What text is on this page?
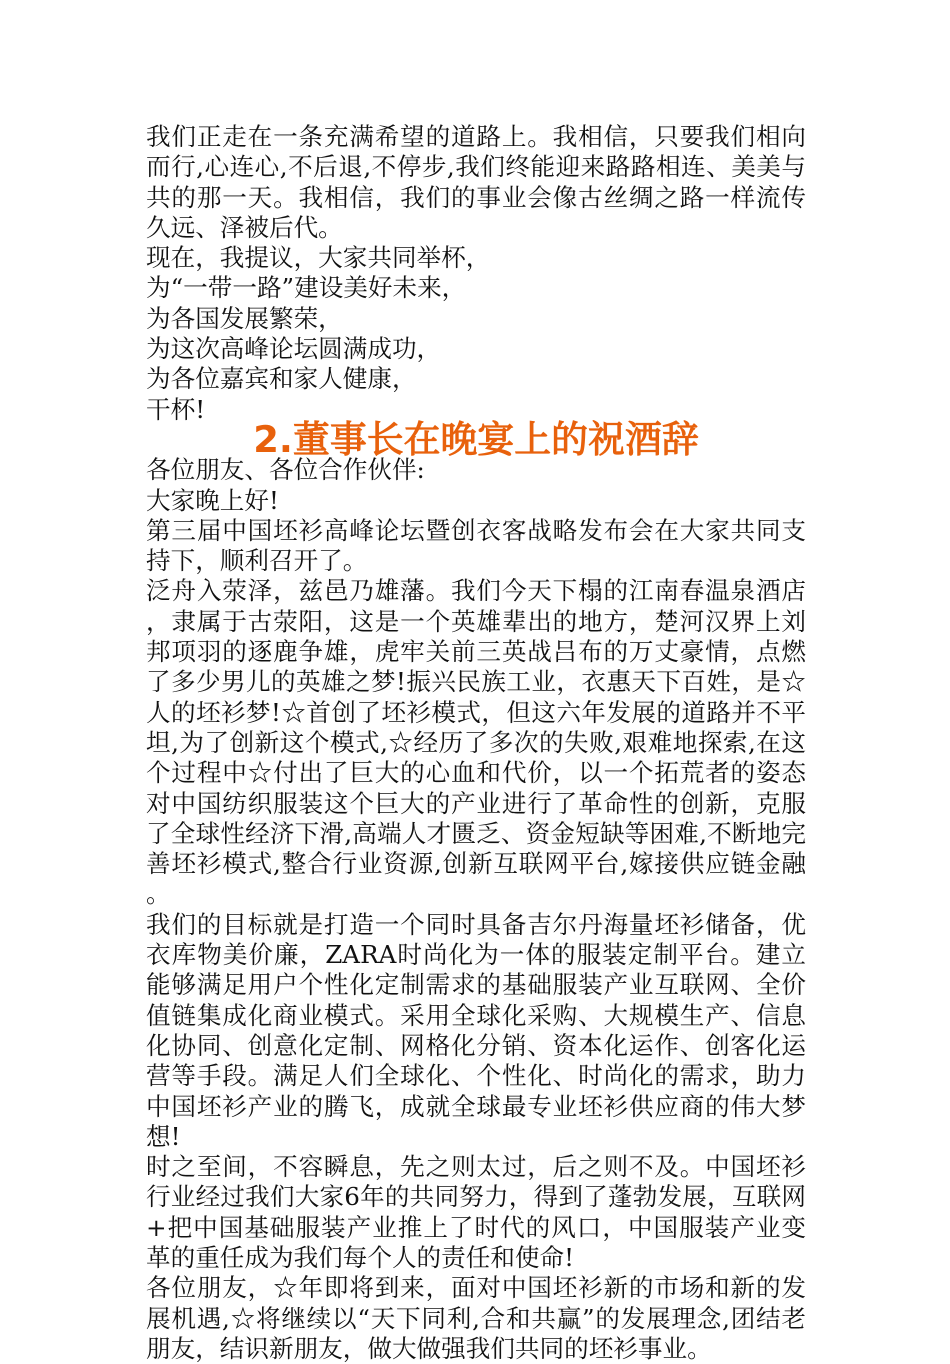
我们正走在一条充满希望的道路上。我相信，只要我们相向而行,心连心,不后退,不停步,我们终能迎来路路相连、美美与共的那一天。我相信，我们的事业会像古丝绸之路一样流传久远、泽被后代。

现在，我提议，大家共同举杯，

为“一带一路”建设美好未来，

为各国发展繁荣，

为这次高峰论坛圆满成功，

为各位嘉宾和家人健康，

干杯!

2.董事长在晚宴上的祝酒辞

各位朋友、各位合作伙伴:

大家晚上好!

第三届中国坯衫高峰论坛暨创衣客战略发布会在大家共同支持下，顺利召开了。

泛舟入荥泽，兹邑乃雄藩。我们今天下榻的江南春温泉酒店，隶属于古荥阳，这是一个英雄辈出的地方，楚河汉界上刘邦项羽的逐鹿争雄，虎牢关前三英战吕布的万丈豪情，点燃了多少男儿的英雄之梦!振兴民族工业，衣惠天下百姓，是☆人的坯衫梦!☆首创了坯衫模式，但这六年发展的道路并不平坦,为了创新这个模式,☆经历了多次的失败,艰难地探索,在这个过程中☆付出了巨大的心血和代价，以一个拓荒者的姿态对中国纺织服装这个巨大的产业进行了革命性的创新，克服了全球性经济下滑,高端人才匮乏、资金短缺等困难,不断地完善坯衫模式,整合行业资源,创新互联网平台,嫁接供应链金融。

我们的目标就是打造一个同时具备吉尔丹海量坯衫储备，优衣库物美价廉，ZARA时尚化为一体的服装定制平台。建立能够满足用户个性化定制需求的基础服装产业互联网、全价值链集成化商业模式。采用全球化采购、大规模生产、信息化协同、创意化定制、网格化分销、资本化运作、创客化运营等手段。满足人们全球化、个性化、时尚化的需求，助力中国坯衫产业的腾飞，成就全球最专业坯衫供应商的伟大梦想!

时之至间，不容瞬息，先之则太过，后之则不及。中国坯衫行业经过我们大家6年的共同努力，得到了蓬勃发展，互联网+把中国基础服装产业推上了时代的风口，中国服装产业变革的重任成为我们每个人的责任和使命!

各位朋友，☆年即将到来，面对中国坯衫新的市场和新的发展机遇,☆将继续以“天下同利,合和共赢”的发展理念,团结老朋友，结识新朋友，做大做强我们共同的坯衫事业。
